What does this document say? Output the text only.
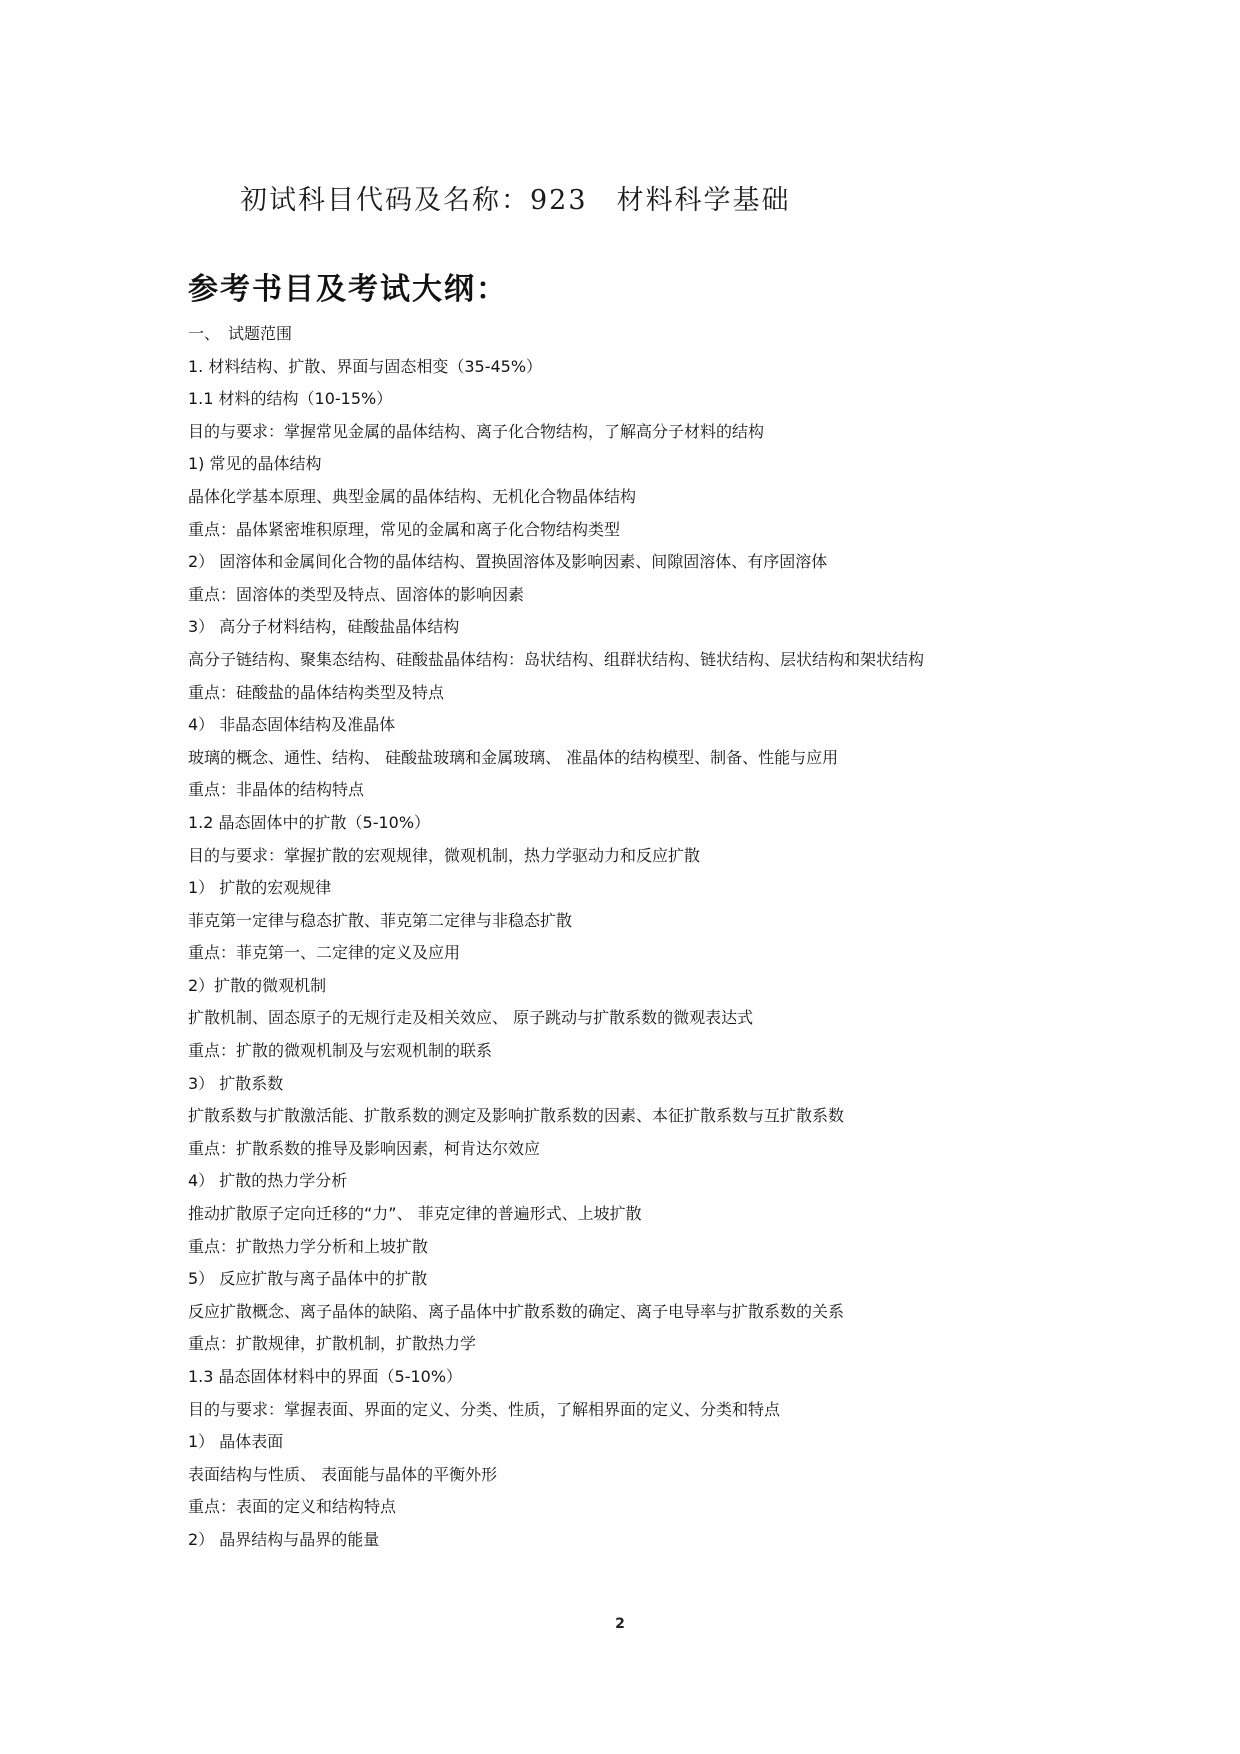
初试科目代码及名称：923　材料科学基础
参考书目及考试大纲：
一、　试题范围
1. 材料结构、扩散、界面与固态相变（35-45%）
1.1 材料的结构（10-15%）
目的与要求：掌握常见金属的晶体结构、离子化合物结构，了解高分子材料的结构
1) 常见的晶体结构
晶体化学基本原理、典型金属的晶体结构、无机化合物晶体结构
重点：晶体紧密堆积原理，常见的金属和离子化合物结构类型
2） 固溶体和金属间化合物的晶体结构、置换固溶体及影响因素、间隙固溶体、有序固溶体
重点：固溶体的类型及特点、固溶体的影响因素
3） 高分子材料结构，硅酸盐晶体结构
高分子链结构、聚集态结构、硅酸盐晶体结构：岛状结构、组群状结构、链状结构、层状结构和架状结构
重点：硅酸盐的晶体结构类型及特点
4） 非晶态固体结构及准晶体
玻璃的概念、通性、结构、 硅酸盐玻璃和金属玻璃、 准晶体的结构模型、制备、性能与应用
重点：非晶体的结构特点
1.2 晶态固体中的扩散（5-10%）
目的与要求：掌握扩散的宏观规律，微观机制，热力学驱动力和反应扩散
1） 扩散的宏观规律
菲克第一定律与稳态扩散、菲克第二定律与非稳态扩散
重点：菲克第一、二定律的定义及应用
2）扩散的微观机制
扩散机制、固态原子的无规行走及相关效应、 原子跳动与扩散系数的微观表达式
重点：扩散的微观机制及与宏观机制的联系
3） 扩散系数
扩散系数与扩散激活能、扩散系数的测定及影响扩散系数的因素、本征扩散系数与互扩散系数
重点：扩散系数的推导及影响因素，柯肯达尔效应
4） 扩散的热力学分析
推动扩散原子定向迁移的“力”、 菲克定律的普遍形式、上坡扩散
重点：扩散热力学分析和上坡扩散
5） 反应扩散与离子晶体中的扩散
反应扩散概念、离子晶体的缺陷、离子晶体中扩散系数的确定、离子电导率与扩散系数的关系
重点：扩散规律，扩散机制，扩散热力学
1.3 晶态固体材料中的界面（5-10%）
目的与要求：掌握表面、界面的定义、分类、性质，了解相界面的定义、分类和特点
1） 晶体表面
表面结构与性质、 表面能与晶体的平衡外形
重点：表面的定义和结构特点
2） 晶界结构与晶界的能量
2
